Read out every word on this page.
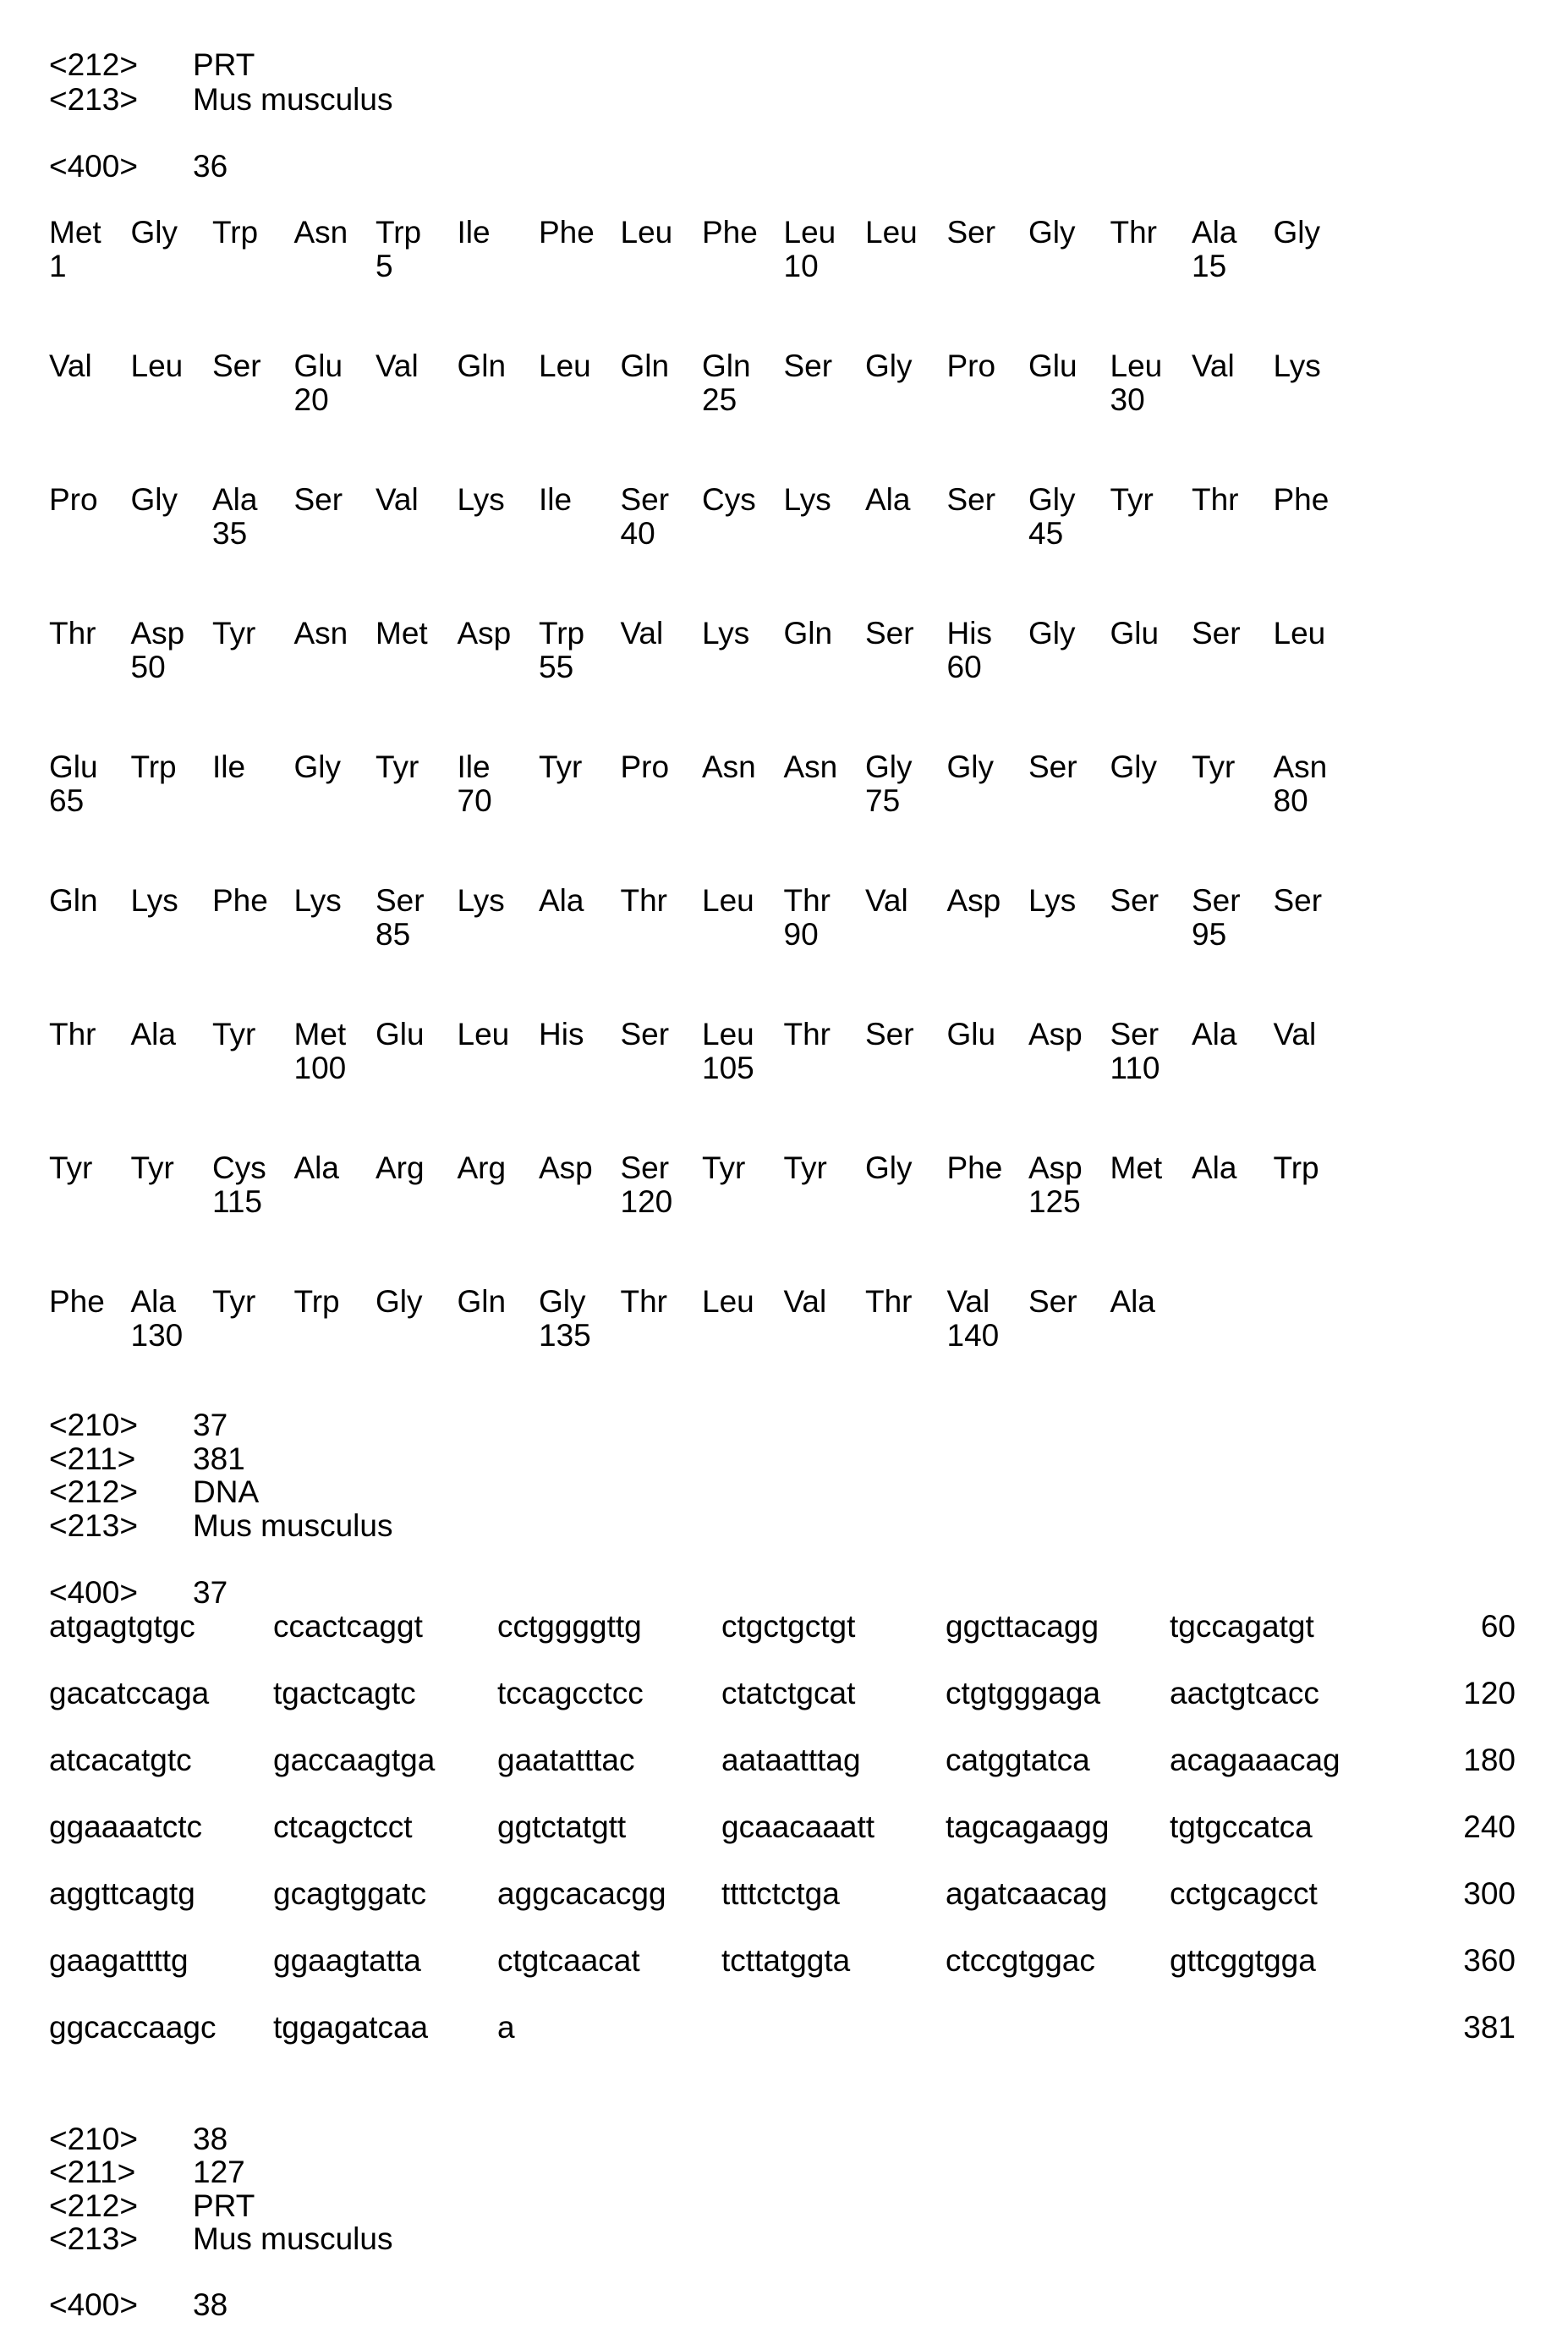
<212> PRT
<213> Mus musculus
<400> 36
Met
1
Gly Trp Asn Trp
5
Ile Phe Leu Phe Leu
10
Leu Ser Gly Thr Ala
15
Gly
Val Leu Ser Glu
20
Val Gln Leu Gln Gln
25
Ser Gly Pro Glu Leu
30
Val Lys
Pro Gly Ala
35
Ser Val Lys Ile Ser
40
Cys Lys Ala Ser Gly
45
Tyr Thr Phe
Thr Asp
50
Tyr Asn Met Asp Trp
55
Val Lys Gln Ser His
60
Gly Glu Ser Leu
Glu
65
Trp Ile Gly Tyr Ile
70
Tyr Pro Asn Asn Gly
75
Gly Ser Gly Tyr Asn
80
Gln Lys Phe Lys Ser
85
Lys Ala Thr Leu Thr
90
Val Asp Lys Ser Ser
95
Ser
Thr Ala Tyr Met
100
Glu Leu His Ser Leu
105
Thr Ser Glu Asp Ser
110
Ala Val
Tyr Tyr Cys
115
Ala Arg Arg Asp Ser
120
Tyr Tyr Gly Phe Asp
125
Met Ala Trp
Phe Ala
130
Tyr Trp Gly Gln Gly
135
Thr Leu Val Thr Val
140
Ser Ala
<210> 37
<211> 381
<212> DNA
<213> Mus musculus
<400> 37
atgagtgtgc ccactcaggt cctggggttg	ctgctgctgt	ggcttacagg tgccagatgt	60
gacatccaga tgactcagtc	tccagcctcc ctatctgcat	ctgtgggaga aactgtcacc	120
atcacatgtc	gaccaagtga gaatatttac	aataatttag	catggtatca	acagaaacag	180
ggaaaatctc ctcagctcct	ggtctatgtt	gcaacaaatt tagcagaagg tgtgccatca	240
aggttcagtg gcagtggatc aggcacacgg ttttctctga	agatcaacag cctgcagcct	300
gaagattttg	ggaagtatta ctgtcaacat	tcttatggta	ctccgtggac gttcggtgga	360
ggcaccaagc tggagatcaa a	381
<210> 38
<211> 127
<212> PRT
<213> Mus musculus
<400> 38
